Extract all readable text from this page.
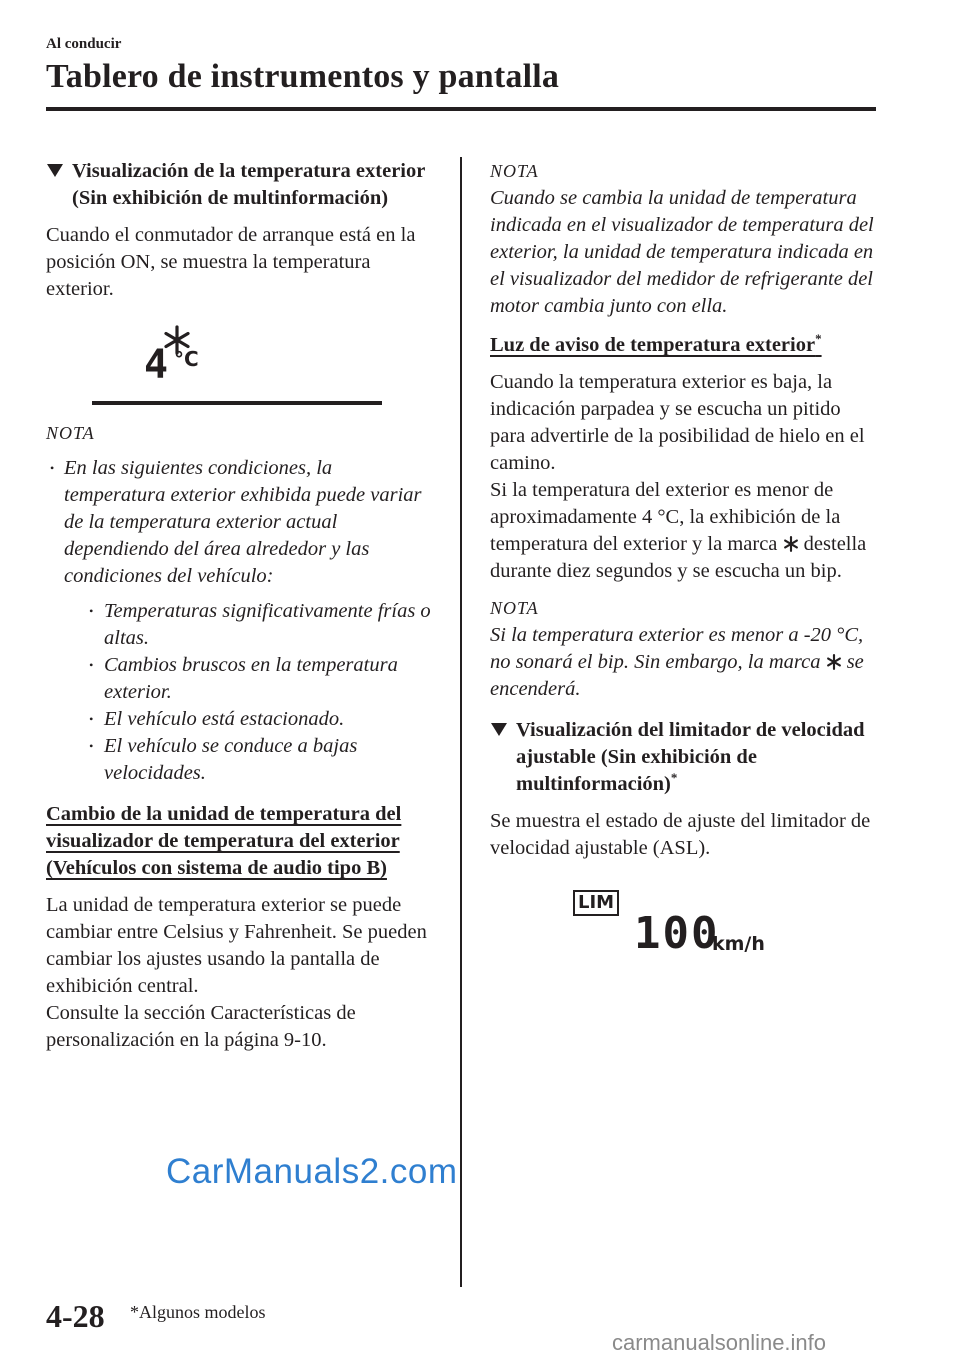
Al conducir
Tablero de instrumentos y pantalla

Visualización de la temperatura exterior (Sin exhibición de multinformación)

Cuando el conmutador de arranque está en la posición ON, se muestra la temperatura exterior.

4 °C
NOTA
• En las siguientes condiciones, la temperatura exterior exhibida puede variar de la temperatura exterior actual dependiendo del área alrededor y las condiciones del vehículo:
• Temperaturas significativamente frías o altas.
• Cambios bruscos en la temperatura exterior.
• El vehículo está estacionado.
• El vehículo se conduce a bajas velocidades.

Cambio de la unidad de temperatura del visualizador de temperatura del exterior (Vehículos con sistema de audio tipo B)

La unidad de temperatura exterior se puede cambiar entre Celsius y Fahrenheit. Se pueden cambiar los ajustes usando la pantalla de exhibición central.

Consulte la sección Características de personalización en la página 9-10.

NOTA

Cuando se cambia la unidad de temperatura indicada en el visualizador de temperatura del exterior, la unidad de temperatura indicada en el visualizador del medidor de refrigerante del motor cambia junto con ella.

Luz de aviso de temperatura exterior*

Cuando la temperatura exterior es baja, la indicación parpadea y se escucha un pitido para advertirle de la posibilidad de hielo en el camino.

Si la temperatura del exterior es menor de aproximadamente 4 °C, la exhibición de la temperatura del exterior y la marca destella durante diez segundos y se escucha un bip.

NOTA

Si la temperatura exterior es menor a -20 °C, no sonará el bip. Sin embargo, la marca se encenderá.

Visualización del limitador de velocidad ajustable (Sin exhibición de multinformación)*

Se muestra el estado de ajuste del limitador de velocidad ajustable (ASL).

LIM
100
km/h
CarManuals2.com
4-28 *Algunos modelos
carmanualsonline.info
